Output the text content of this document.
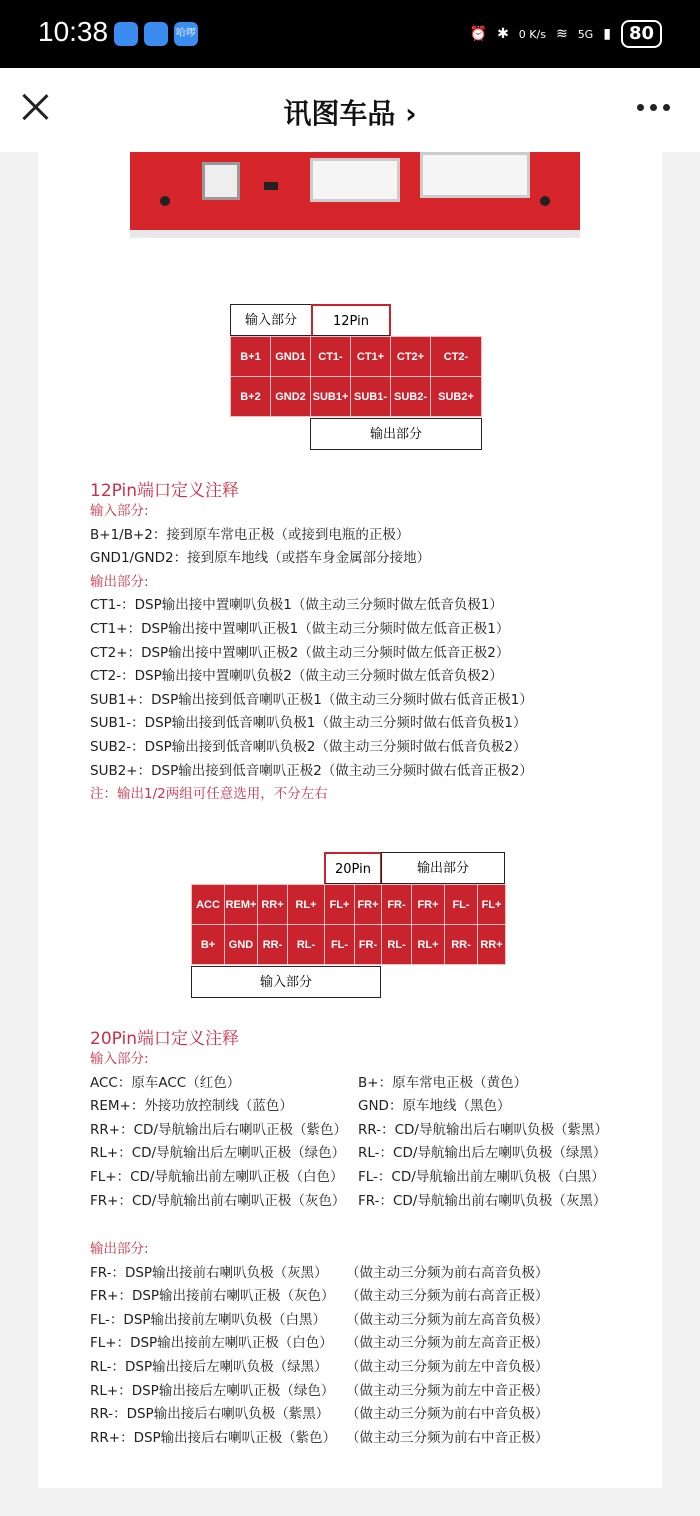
10:38	哈啰	⏰ ✱ 0 K/s ≋ 5G ▮	80
讯图车品 ›
输入部分	12Pin
B+1	GND1	CT1-	CT1+	CT2+	CT2-
B+2	GND2	SUB1+	SUB1-	SUB2-	SUB2+
输出部分
12Pin端口定义注释
输入部分:
B+1/B+2：接到原车常电正极（或接到电瓶的正极）
GND1/GND2：接到原车地线（或搭车身金属部分接地）
输出部分:
CT1-：DSP输出接中置喇叭负极1（做主动三分频时做左低音负极1）
CT1+：DSP输出接中置喇叭正极1（做主动三分频时做左低音正极1）
CT2+：DSP输出接中置喇叭正极2（做主动三分频时做左低音正极2）
CT2-：DSP输出接中置喇叭负极2（做主动三分频时做左低音负极2）
SUB1+：DSP输出接到低音喇叭正极1（做主动三分频时做右低音正极1）
SUB1-：DSP输出接到低音喇叭负极1（做主动三分频时做右低音负极1）
SUB2-：DSP输出接到低音喇叭负极2（做主动三分频时做右低音负极2）
SUB2+：DSP输出接到低音喇叭正极2（做主动三分频时做右低音正极2）
注：输出1/2两组可任意选用，不分左右
20Pin	输出部分
ACC	REM+	RR+	RL+	FL+	FR+	FR-	FR+	FL-	FL+
B+	GND	RR-	RL-	FL-	FR-	RL-	RL+	RR-	RR+
输入部分
20Pin端口定义注释
输入部分:
ACC：原车ACC（红色）	B+：原车常电正极（黄色）
REM+：外接功放控制线（蓝色）	GND：原车地线（黑色）
RR+：CD/导航输出后右喇叭正极（紫色） RR-：CD/导航输出后右喇叭负极（紫黑）
RL+：CD/导航输出后左喇叭正极（绿色） RL-：CD/导航输出后左喇叭负极（绿黑）
FL+：CD/导航输出前左喇叭正极（白色） FL-：CD/导航输出前左喇叭负极（白黑）
FR+：CD/导航输出前右喇叭正极（灰色） FR-：CD/导航输出前右喇叭负极（灰黑）
输出部分:
FR-：DSP输出接前右喇叭负极（灰黑） （做主动三分频为前右高音负极）
FR+：DSP输出接前右喇叭正极（灰色） （做主动三分频为前右高音正极）
FL-：DSP输出接前左喇叭负极（白黑） （做主动三分频为前左高音负极）
FL+：DSP输出接前左喇叭正极（白色） （做主动三分频为前左高音正极）
RL-：DSP输出接后左喇叭负极（绿黑） （做主动三分频为前左中音负极）
RL+：DSP输出接后左喇叭正极（绿色） （做主动三分频为前左中音正极）
RR-：DSP输出接后右喇叭负极（紫黑） （做主动三分频为前右中音负极）
RR+：DSP输出接后右喇叭正极（紫色） （做主动三分频为前右中音正极）
